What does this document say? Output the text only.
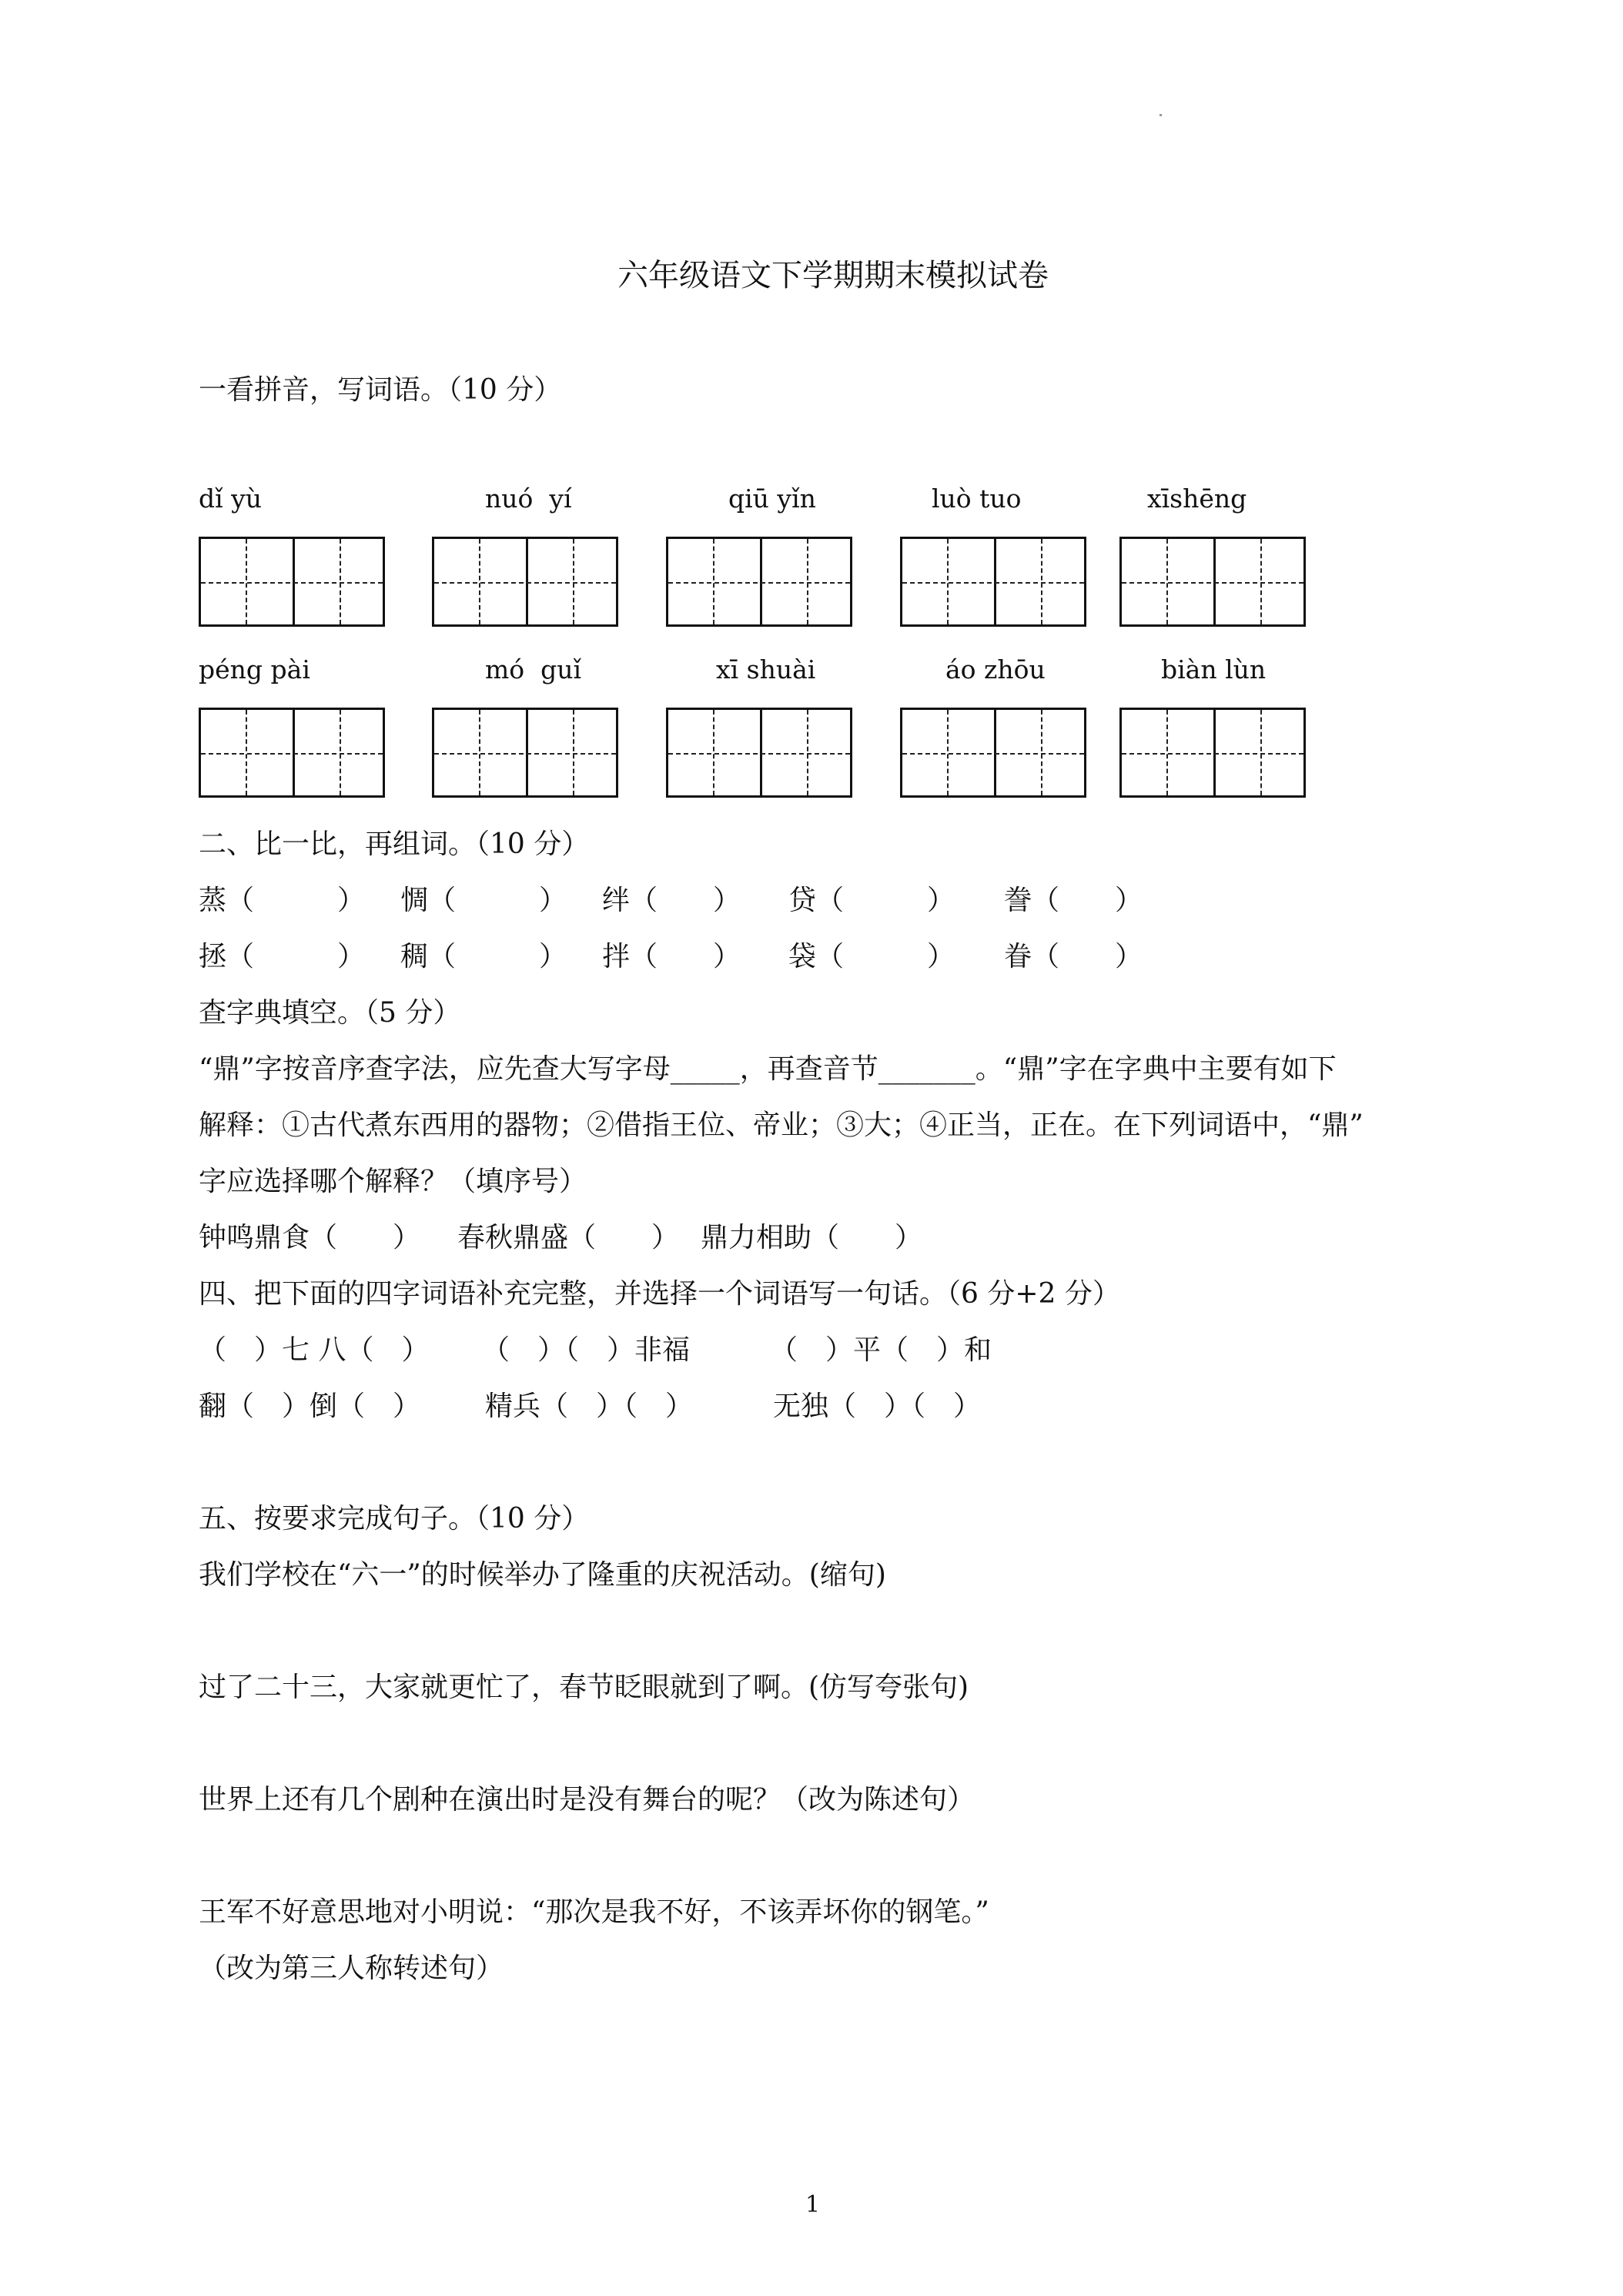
六年级语文下学期期末模拟试卷
一看拼音，写词语。（10 分）
dǐ yù	nuó  yí	qiū yǐn	luò tuo	xīshēng
péng pài	mó  guǐ	xī shuài	áo zhōu	biàn lùn
二、比一比，再组词。（10 分）
蒸（　　　） 惆（　　　） 绊（　　） 贷（　　　） 誊（　　）
拯（　　　） 稠（　　　） 拌（　　） 袋（　　　） 眷（　　）
查字典填空。（5 分）
“鼎”字按音序查字法，应先查大写字母_____，再查音节_______。“鼎”字在字典中主要有如下
解释：①古代煮东西用的器物；②借指王位、帝业；③大；④正当，正在。在下列词语中，“鼎”
字应选择哪个解释？（填序号）
钟鸣鼎食（　　） 春秋鼎盛（　　） 鼎力相助（　　）
四、把下面的四字词语补充完整，并选择一个词语写一句话。（6 分+2 分）
（　）七 八（　） （　）（　）非福	（　）平（　）和
翻（　）倒（　） 精兵（　）（　）	无独（　）（　）
五、按要求完成句子。（10 分）
我们学校在“六一”的时候举办了隆重的庆祝活动。(缩句)
过了二十三，大家就更忙了，春节眨眼就到了啊。(仿写夸张句)
世界上还有几个剧种在演出时是没有舞台的呢？（改为陈述句）
王军不好意思地对小明说：“那次是我不好，不该弄坏你的钢笔。”
（改为第三人称转述句）
1
